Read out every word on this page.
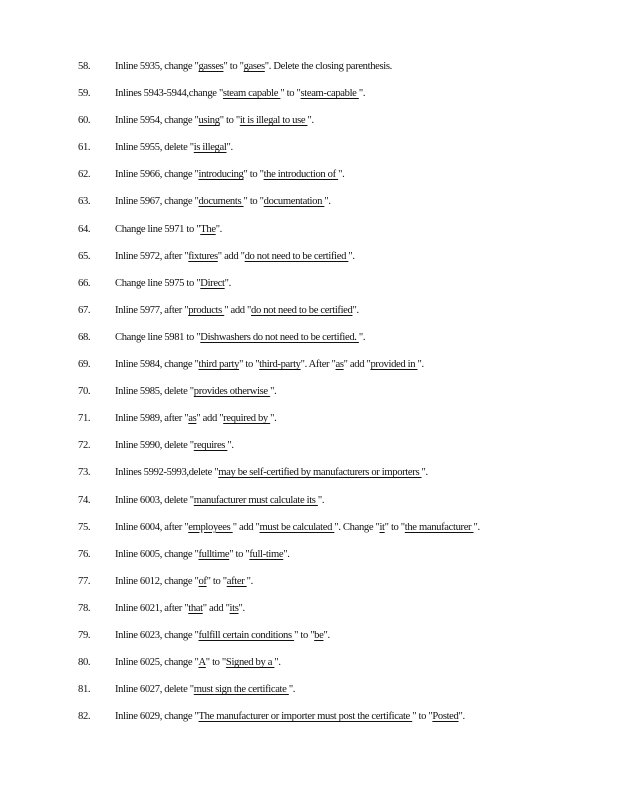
58. Inline 5935, change "gasses" to "gases". Delete the closing parenthesis.
59. Inlines 5943-5944,change "steam capable " to "steam-capable ".
60. Inline 5954, change "using" to "it is illegal to use ".
61. Inline 5955, delete "is illegal".
62. Inline 5966, change "introducing" to "the introduction of ".
63. Inline 5967, change "documents " to "documentation ".
64. Change line 5971 to "The".
65. Inline 5972, after "fixtures" add "do not need to be certified ".
66. Change line 5975 to "Direct".
67. Inline 5977, after "products " add "do not need to be certified".
68. Change line 5981 to "Dishwashers do not need to be certified. ".
69. Inline 5984, change "third party" to "third-party". After "as" add "provided in ".
70. Inline 5985, delete "provides otherwise ".
71. Inline 5989, after "as" add "required by ".
72. Inline 5990, delete "requires ".
73. Inlines 5992-5993,delete "may be self-certified by manufacturers or importers ".
74. Inline 6003, delete "manufacturer must calculate its ".
75. Inline 6004, after "employees " add "must be calculated ". Change "it" to "the manufacturer ".
76. Inline 6005, change "fulltime" to "full-time".
77. Inline 6012, change "of" to "after ".
78. Inline 6021, after "that" add "its".
79. Inline 6023, change "fulfill certain conditions " to "be".
80. Inline 6025, change "A" to "Signed by a ".
81. Inline 6027, delete "must sign the certificate ".
82. Inline 6029, change "The manufacturer or importer must post the certificate " to "Posted".
